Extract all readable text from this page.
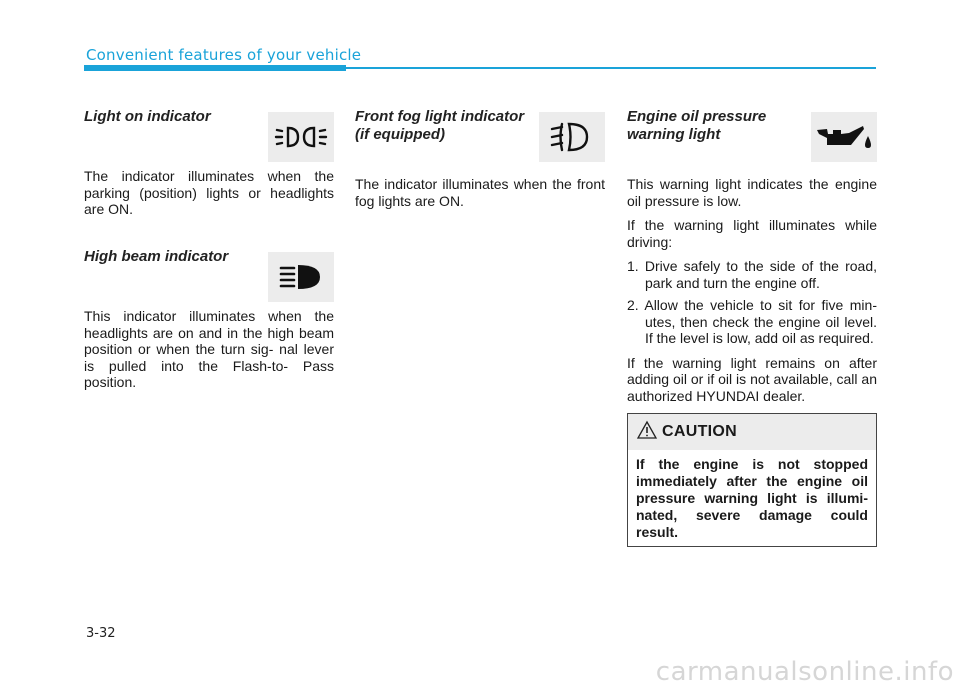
Convenient features of your vehicle
Light on indicator
The indicator illuminates when the parking (position) lights or headlights are ON.
High beam indicator
This indicator illuminates when the headlights are on and in the high beam position or when the turn sig- nal lever is pulled into the Flash-to- Pass position.
Front fog light indicator (if equipped)
The indicator illuminates when the front fog lights are ON.
Engine oil pressure warning light

This warning light indicates the engine oil pressure is low.

If the warning light illuminates while driving:

1. Drive safely to the side of the road, park and turn the engine off.
2. Allow the vehicle to sit for five min- utes, then check the engine oil level. If the level is low, add oil as required.

If the warning light remains on after adding oil or if oil is not available, call an authorized HYUNDAI dealer.

CAUTION
If the engine is not stopped immediately after the engine oil pressure warning light is illumi- nated, severe damage could result.
3-32
carmanualsonline.info
